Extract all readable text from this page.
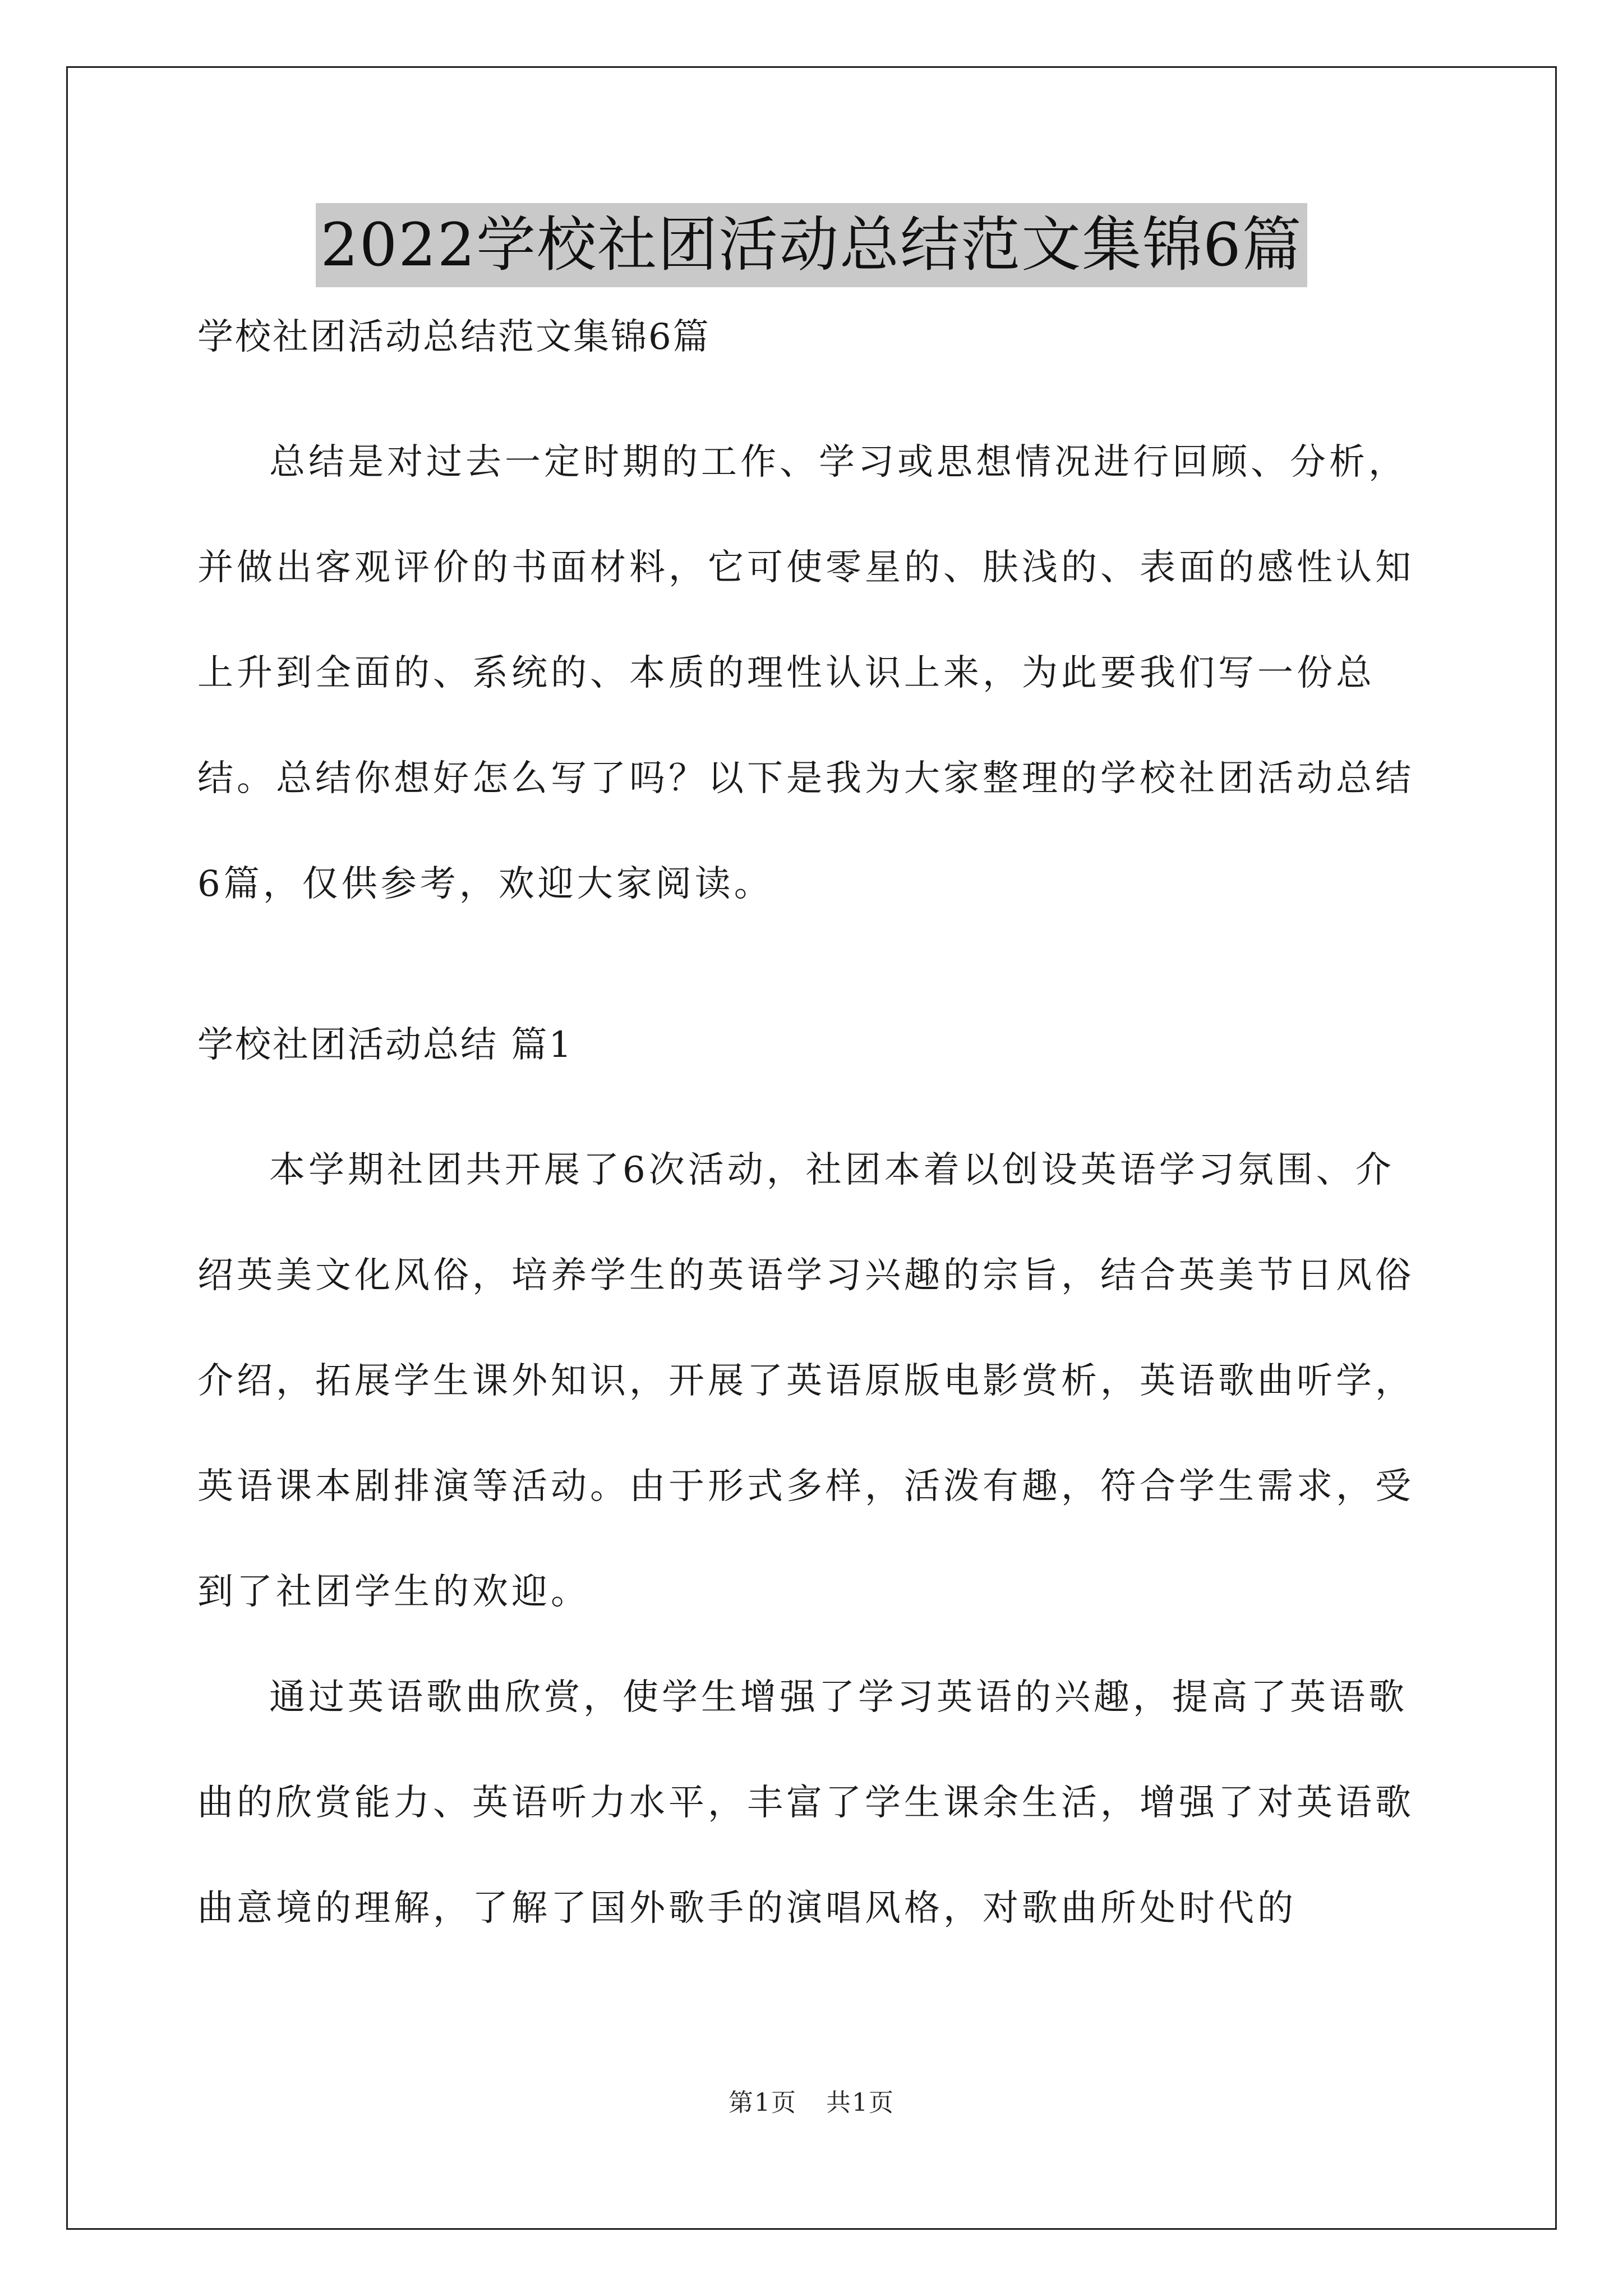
2022学校社团活动总结范文集锦6篇

学校社团活动总结范文集锦6篇

总结是对过去一定时期的工作、学习或思想情况进行回顾、分析，并做出客观评价的书面材料，它可使零星的、肤浅的、表面的感性认知上升到全面的、系统的、本质的理性认识上来，为此要我们写一份总结。总结你想好怎么写了吗？以下是我为大家整理的学校社团活动总结6篇，仅供参考，欢迎大家阅读。

学校社团活动总结 篇1

本学期社团共开展了6次活动，社团本着以创设英语学习氛围、介绍英美文化风俗，培养学生的英语学习兴趣的宗旨，结合英美节日风俗介绍，拓展学生课外知识，开展了英语原版电影赏析，英语歌曲听学，英语课本剧排演等活动。由于形式多样，活泼有趣，符合学生需求，受到了社团学生的欢迎。

通过英语歌曲欣赏，使学生增强了学习英语的兴趣，提高了英语歌曲的欣赏能力、英语听力水平，丰富了学生课余生活，增强了对英语歌曲意境的理解，了解了国外歌手的演唱风格，对歌曲所处时代的

第1页 共1页
